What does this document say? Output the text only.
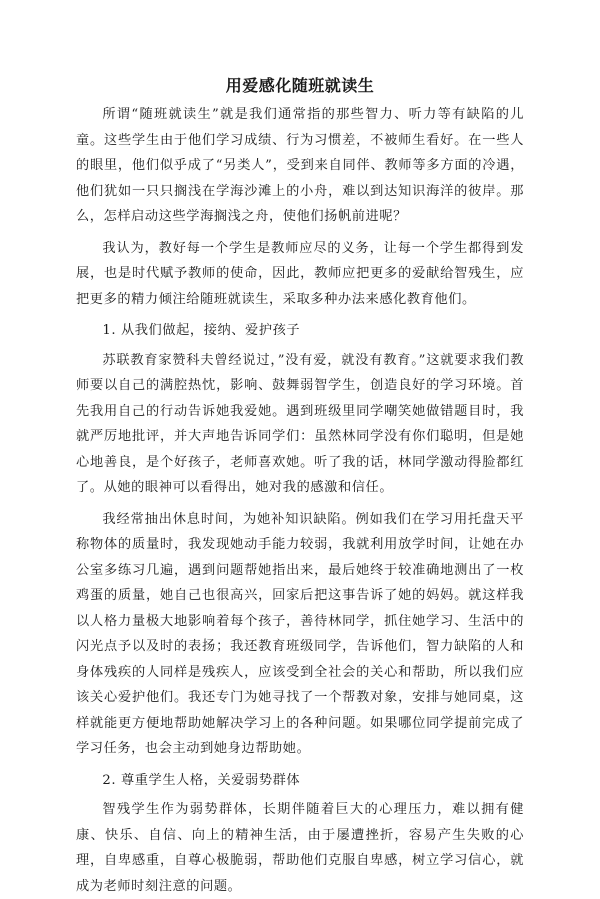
用爱感化随班就读生

所谓“随班就读生”就是我们通常指的那些智力、听力等有缺陷的儿童。这些学生由于他们学习成绩、行为习惯差，不被师生看好。在一些人的眼里，他们似乎成了“另类人”，受到来自同伴、教师等多方面的冷遇，他们犹如一只只搁浅在学海沙滩上的小舟，难以到达知识海洋的彼岸。那么，怎样启动这些学海搁浅之舟，使他们扬帆前进呢？

我认为，教好每一个学生是教师应尽的义务，让每一个学生都得到发展，也是时代赋予教师的使命，因此，教师应把更多的爱献给智残生，应把更多的精力倾注给随班就读生，采取多种办法来感化教育他们。

1. 从我们做起，接纳、爱护孩子

苏联教育家赞科夫曾经说过，”没有爱，就没有教育。”这就要求我们教师要以自己的满腔热忱，影响、鼓舞弱智学生，创造良好的学习环境。首先我用自己的行动告诉她我爱她。遇到班级里同学嘲笑她做错题目时，我就严厉地批评，并大声地告诉同学们：虽然林同学没有你们聪明，但是她心地善良，是个好孩子，老师喜欢她。听了我的话，林同学激动得脸都红了。从她的眼神可以看得出，她对我的感激和信任。

我经常抽出休息时间，为她补知识缺陷。例如我们在学习用托盘天平称物体的质量时，我发现她动手能力较弱，我就利用放学时间，让她在办公室多练习几遍，遇到问题帮她指出来，最后她终于较准确地测出了一枚鸡蛋的质量，她自己也很高兴，回家后把这事告诉了她的妈妈。就这样我以人格力量极大地影响着每个孩子，善待林同学，抓住她学习、生活中的闪光点予以及时的表扬；我还教育班级同学，告诉他们，智力缺陷的人和身体残疾的人同样是残疾人，应该受到全社会的关心和帮助，所以我们应该关心爱护他们。我还专门为她寻找了一个帮教对象，安排与她同桌，这样就能更方便地帮助她解决学习上的各种问题。如果哪位同学提前完成了学习任务，也会主动到她身边帮助她。

2. 尊重学生人格，关爱弱势群体

智残学生作为弱势群体，长期伴随着巨大的心理压力，难以拥有健康、快乐、自信、向上的精神生活，由于屡遭挫折，容易产生失败的心理，自卑感重，自尊心极脆弱，帮助他们克服自卑感，树立学习信心，就成为老师时刻注意的问题。
